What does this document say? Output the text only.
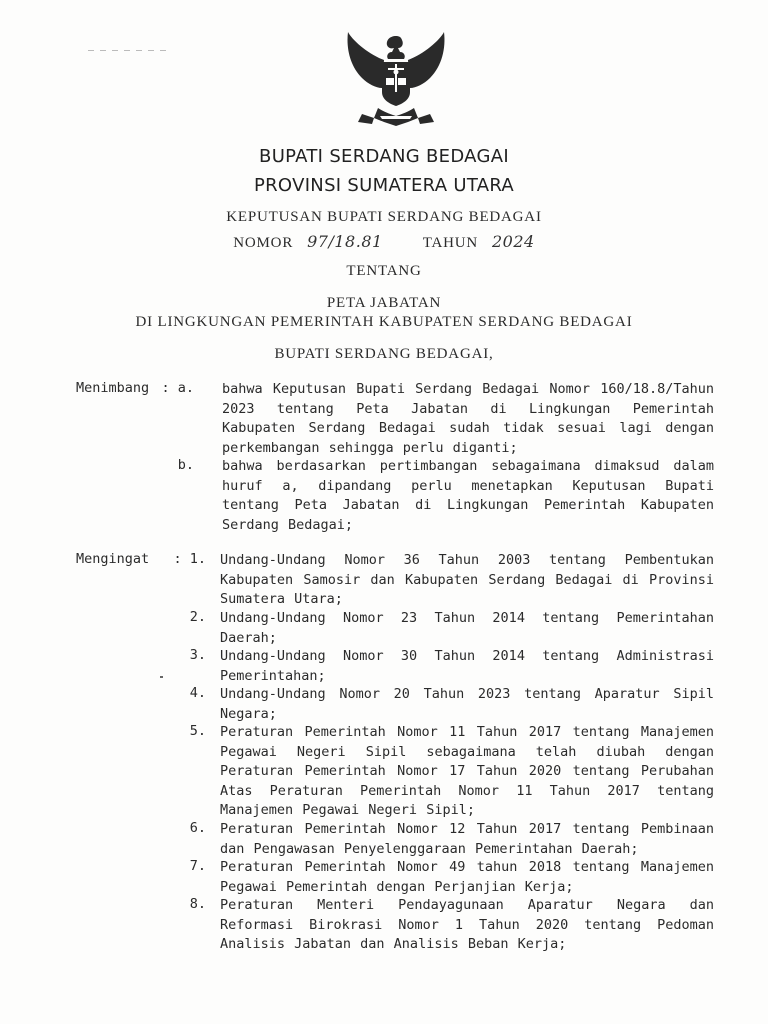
BUPATI SERDANG BEDAGAI
PROVINSI SUMATERA UTARA
KEPUTUSAN BUPATI SERDANG BEDAGAI
NOMOR 97/18.81	TAHUN 2024
TENTANG
PETA JABATAN
DI LINGKUNGAN PEMERINTAH KABUPATEN SERDANG BEDAGAI
BUPATI SERDANG BEDAGAI,
Menimbang : a. bahwa Keputusan Bupati Serdang Bedagai Nomor 160/18.8/Tahun 2023 tentang Peta Jabatan di Lingkungan Pemerintah Kabupaten Serdang Bedagai sudah tidak sesuai lagi dengan perkembangan sehingga perlu diganti;
b. bahwa berdasarkan pertimbangan sebagaimana dimaksud dalam huruf a, dipandang perlu menetapkan Keputusan Bupati tentang Peta Jabatan di Lingkungan Pemerintah Kabupaten Serdang Bedagai;
Mengingat	: 1. Undang-Undang Nomor 36 Tahun 2003 tentang Pembentukan Kabupaten Samosir dan Kabupaten Serdang Bedagai di Provinsi Sumatera Utara;
2. Undang-Undang Nomor 23 Tahun 2014 tentang Pemerintahan Daerah;
3. Undang-Undang Nomor 30 Tahun 2014 tentang Administrasi Pemerintahan;
4. Undang-Undang Nomor 20 Tahun 2023 tentang Aparatur Sipil Negara;
5. Peraturan Pemerintah Nomor 11 Tahun 2017 tentang Manajemen Pegawai Negeri Sipil sebagaimana telah diubah dengan Peraturan Pemerintah Nomor 17 Tahun 2020 tentang Perubahan Atas Peraturan Pemerintah Nomor 11 Tahun 2017 tentang Manajemen Pegawai Negeri Sipil;
6. Peraturan Pemerintah Nomor 12 Tahun 2017 tentang Pembinaan dan Pengawasan Penyelenggaraan Pemerintahan Daerah;
7. Peraturan Pemerintah Nomor 49 tahun 2018 tentang Manajemen Pegawai Pemerintah dengan Perjanjian Kerja;
8. Peraturan Menteri Pendayagunaan Aparatur Negara dan Reformasi Birokrasi Nomor 1 Tahun 2020 tentang Pedoman Analisis Jabatan dan Analisis Beban Kerja;
